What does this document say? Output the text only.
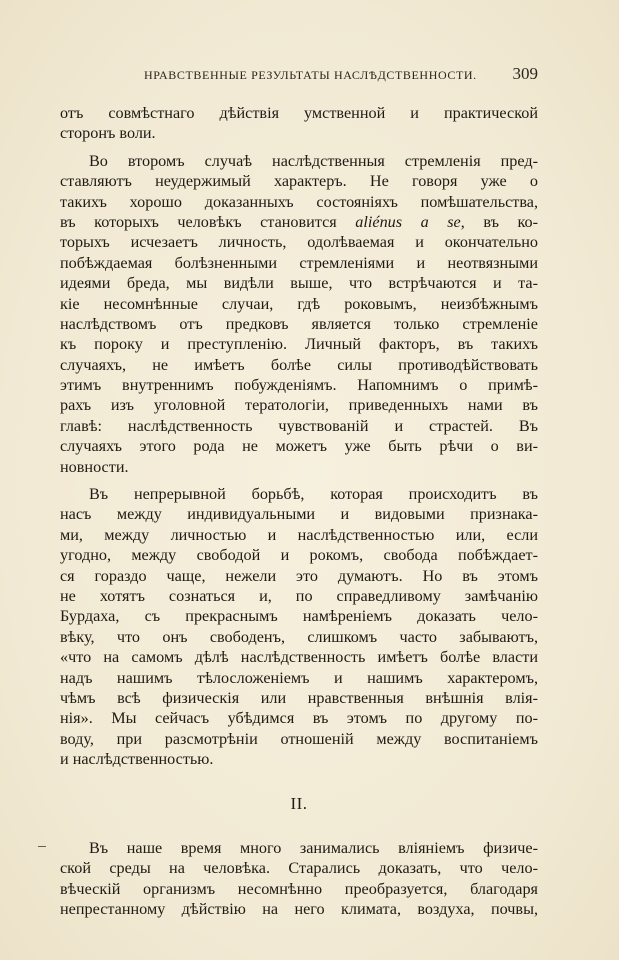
НРАВСТВЕННЫЕ РЕЗУЛЬТАТЫ НАСЛѢДСТВЕННОСТИ. 309
отъ совмѣстнаго дѣйствія умственной и практической
сторонъ воли.
Во второмъ случаѣ наслѣдственныя стремленія пред-
ставляютъ неудержимый характеръ. Не говоря уже о
такихъ хорошо доказанныхъ состояніяхъ помѣшательства,
въ которыхъ человѣкъ становится aliénus a se, въ ко-
торыхъ исчезаетъ личность, одолѣваемая и окончательно
побѣждаемая болѣзненными стремленіями и неотвязными
идеями бреда, мы видѣли выше, что встрѣчаются и та-
кіе несомнѣнные случаи, гдѣ роковымъ, неизбѣжнымъ
наслѣдствомъ отъ предковъ является только стремленіе
къ пороку и преступленію. Личный факторъ, въ такихъ
случаяхъ, не имѣетъ болѣе силы противодѣйствовать
этимъ внутреннимъ побужденіямъ. Напомнимъ о примѣ-
рахъ изъ уголовной тератологіи, приведенныхъ нами въ
главѣ: наслѣдственность чувствованій и страстей. Въ
случаяхъ этого рода не можетъ уже быть рѣчи о ви-
новности.
Въ непрерывной борьбѣ, которая происходитъ въ
насъ между индивидуальными и видовыми признака-
ми, между личностью и наслѣдственностью или, если
угодно, между свободой и рокомъ, свобода побѣждает-
ся гораздо чаще, нежели это думаютъ. Но въ этомъ
не хотятъ сознаться и, по справедливому замѣчанію
Бурдаха, съ прекраснымъ намѣреніемъ доказать чело-
вѣку, что онъ свободенъ, слишкомъ часто забываютъ,
«что на самомъ дѣлѣ наслѣдственность имѣетъ болѣе власти
надъ нашимъ тѣлосложеніемъ и нашимъ характеромъ,
чѣмъ всѣ физическія или нравственныя внѣшнія влія-
нія». Мы сейчасъ убѣдимся въ этомъ по другому по-
воду, при разсмотрѣніи отношеній между воспитаніемъ
и наслѣдственностью.
II.
Въ наше время много занимались вліяніемъ физиче-
ской среды на человѣка. Старались доказать, что чело-
вѣческій организмъ несомнѣнно преобразуется, благодаря
непрестанному дѣйствію на него климата, воздуха, почвы,
